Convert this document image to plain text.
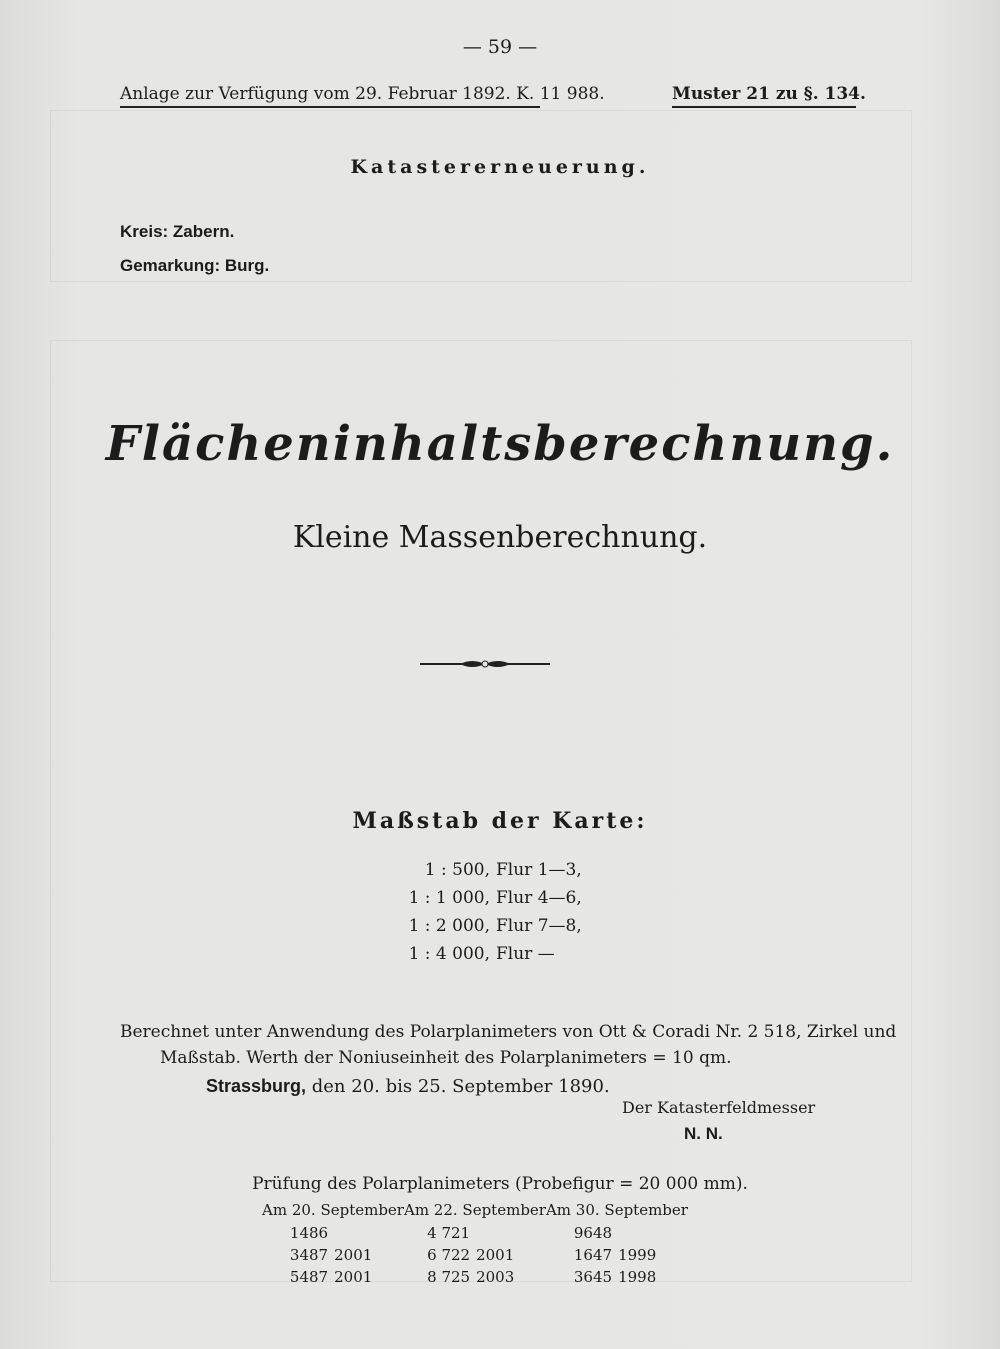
— 59 —
Anlage zur Verfügung vom 29. Februar 1892. K. 11 988.	Muster 21 zu §. 134.
Katastererneuerung.
Kreis: Zabern.
Gemarkung: Burg.
Flächeninhaltsberechnung.
Kleine Massenberechnung.
Maßstab der Karte:
1 : 500, Flur 1—3,
1 : 1 000, Flur 4—6,
1 : 2 000, Flur 7—8,
1 : 4 000, Flur —
Berechnet unter Anwendung des Polarplanimeters von Ott & Coradi Nr. 2 518, Zirkel und
Maßstab. Werth der Noniuseinheit des Polarplanimeters = 10 qm.
Strassburg, den 20. bis 25. September 1890.
Der Katasterfeldmesser
N. N.
Prüfung des Polarplanimeters (Probefigur = 20 000 mm).
Am 20. September		Am 22. September		Am 30. September	
1486		4 721		9648	
3487	2001	6 722	2001	1647	1999
5487	2001	8 725	2003	3645	1998
